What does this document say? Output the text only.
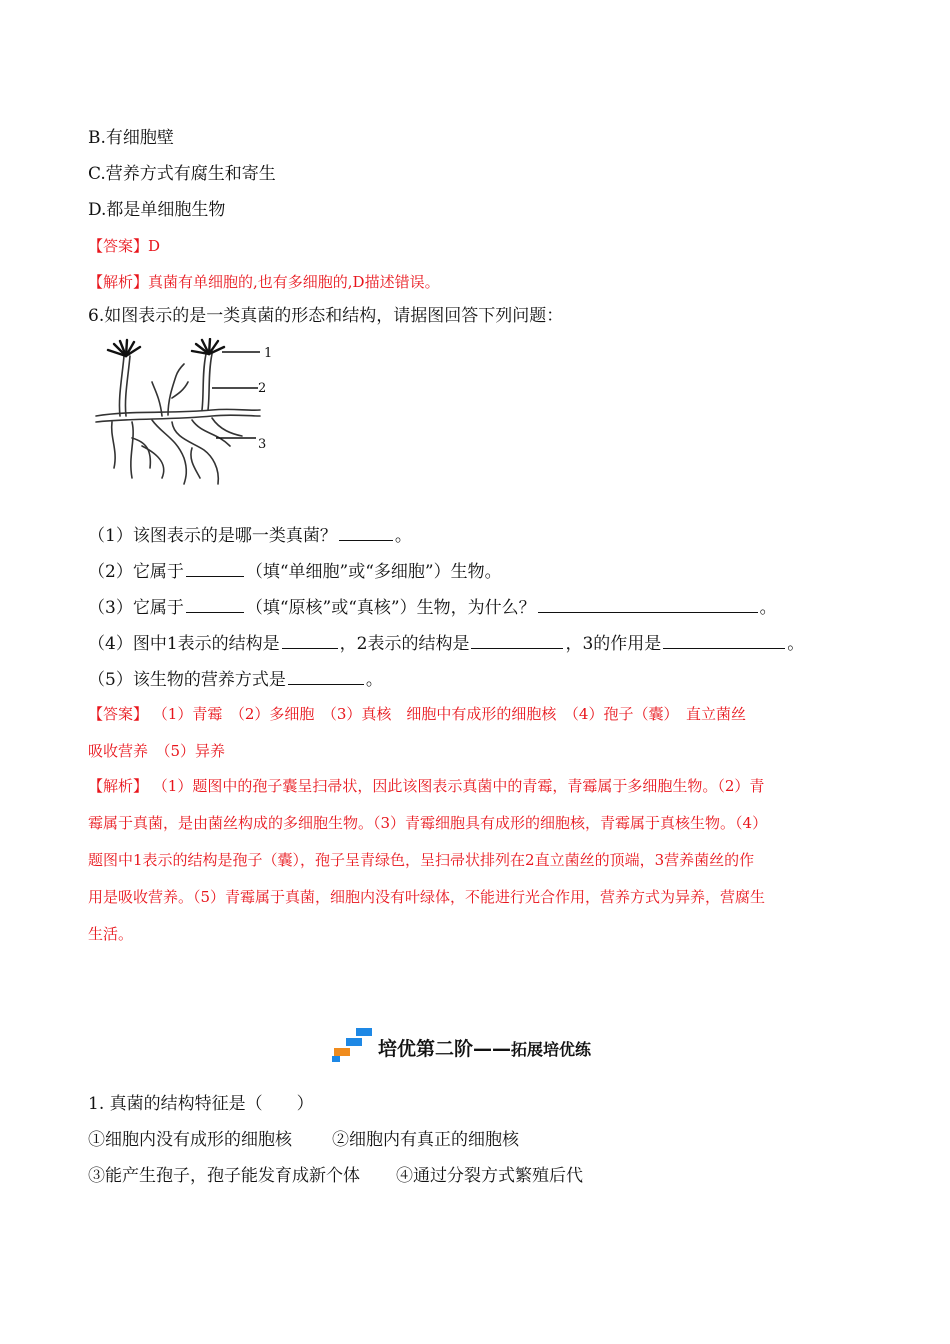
B.有细胞壁
C.营养方式有腐生和寄生
D.都是单细胞生物
【答案】D
【解析】真菌有单细胞的,也有多细胞的,D描述错误。
6.如图表示的是一类真菌的形态和结构，请据图回答下列问题：
1
2
3
（1）该图表示的是哪一类真菌？	。
（2）它属于	（填“单细胞”或“多细胞”）生物。
（3）它属于	（填“原核”或“真核”）生物，为什么？	。
（4）图中1表示的结构是	，2表示的结构是	，3的作用是	。
（5）该生物的营养方式是	。
【答案】 （1）青霉　（2）多细胞　（3）真核　细胞中有成形的细胞核　（4）孢子（囊）　直立菌丝
吸收营养　（5）异养
【解析】 （1）题图中的孢子囊呈扫帚状，因此该图表示真菌中的青霉，青霉属于多细胞生物。（2）青
霉属于真菌，是由菌丝构成的多细胞生物。（3）青霉细胞具有成形的细胞核，青霉属于真核生物。（4）
题图中1表示的结构是孢子（囊），孢子呈青绿色，呈扫帚状排列在2直立菌丝的顶端，3营养菌丝的作
用是吸收营养。（5）青霉属于真菌，细胞内没有叶绿体，不能进行光合作用，营养方式为异养，营腐生
生活。
培优第二阶——拓展培优练
1. 真菌的结构特征是（　　）
①细胞内没有成形的细胞核 ②细胞内有真正的细胞核
③能产生孢子，孢子能发育成新个体 ④通过分裂方式繁殖后代
